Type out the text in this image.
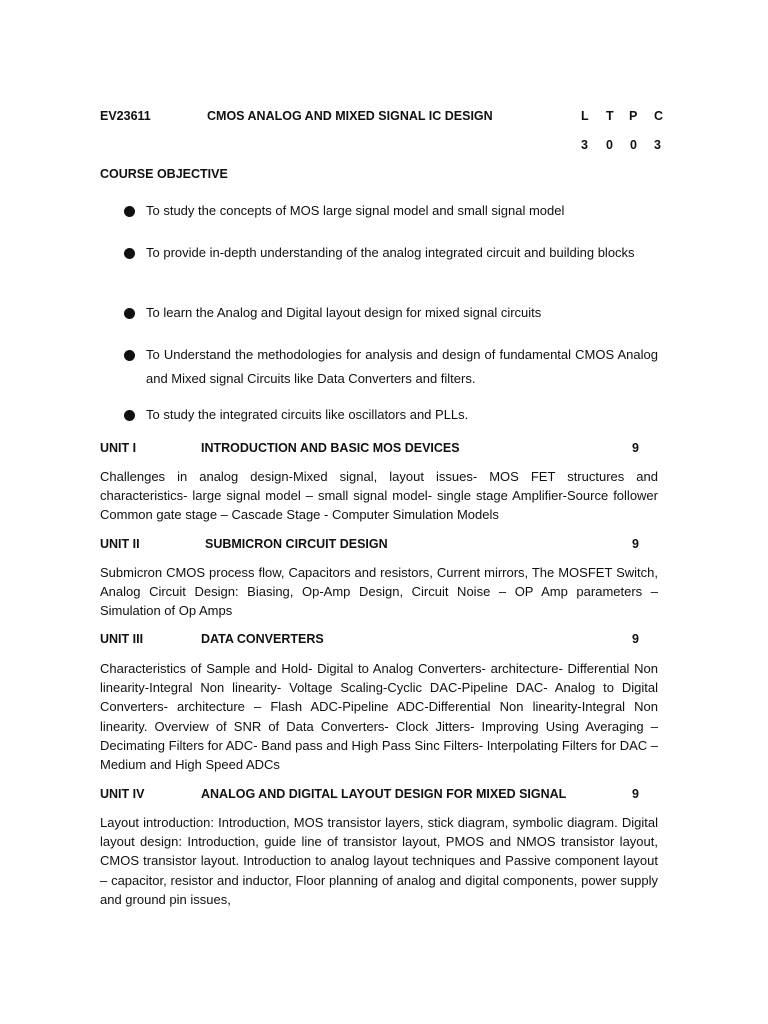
EV23611	CMOS ANALOG AND MIXED SIGNAL IC DESIGN	L T P C
3 0 0 3
COURSE OBJECTIVE
To study the concepts of MOS large signal model and small signal model
To provide in-depth understanding of the analog integrated circuit and building blocks
To learn the Analog and Digital layout design for mixed signal circuits
To Understand the methodologies for analysis and design of fundamental CMOS Analog and Mixed signal Circuits like Data Converters and filters.
To study the integrated circuits like oscillators and PLLs.
UNIT I	INTRODUCTION AND BASIC MOS DEVICES	9
Challenges in analog design-Mixed signal, layout issues- MOS FET structures and characteristics- large signal model – small signal model- single stage Amplifier-Source follower Common gate stage – Cascade Stage - Computer Simulation Models
UNIT II	SUBMICRON CIRCUIT DESIGN	9
Submicron CMOS process flow, Capacitors and resistors, Current mirrors, The MOSFET Switch, Analog Circuit Design: Biasing, Op-Amp Design, Circuit Noise – OP Amp parameters – Simulation of Op Amps
UNIT III	DATA CONVERTERS	9
Characteristics of Sample and Hold- Digital to Analog Converters- architecture- Differential Non linearity-Integral Non linearity- Voltage Scaling-Cyclic DAC-Pipeline DAC- Analog to Digital Converters- architecture – Flash ADC-Pipeline ADC-Differential Non linearity-Integral Non linearity. Overview of SNR of Data Converters- Clock Jitters- Improving Using Averaging – Decimating Filters for ADC- Band pass and High Pass Sinc Filters- Interpolating Filters for DAC – Medium and High Speed ADCs
UNIT IV	ANALOG AND DIGITAL LAYOUT DESIGN FOR MIXED SIGNAL	9
Layout introduction: Introduction, MOS transistor layers, stick diagram, symbolic diagram. Digital layout design: Introduction, guide line of transistor layout, PMOS and NMOS transistor layout, CMOS transistor layout. Introduction to analog layout techniques and Passive component layout – capacitor, resistor and inductor, Floor planning of analog and digital components, power supply and ground pin issues,
